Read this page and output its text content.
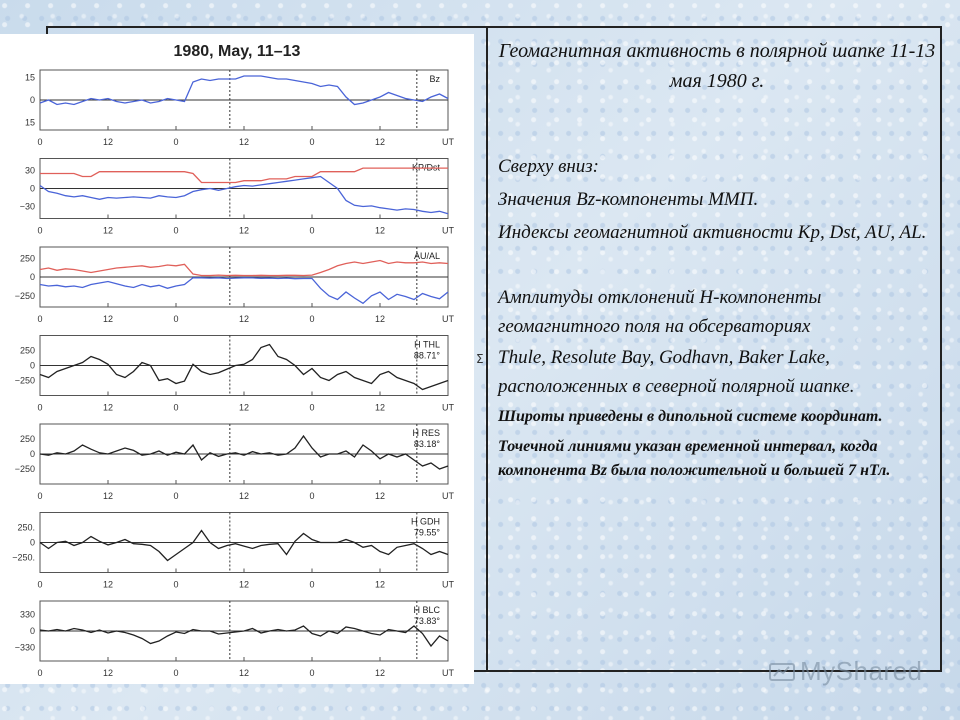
1980, May, 11–13
0	12	0	12	0	12	UT
15
0
15
Bz
0	12	0	12	0	12	UT
30
0
−30
KP/Dst
0	12	0	12	0	12	UT
250
0
−250
AU/AL
0	12	0	12	0	12	UT
250
0
−250
H THL
88.71°
0	12	0	12	0	12	UT
250
0
−250
H RES
83.18°
0	12	0	12	0	12	UT
250.
0
−250.
H GDH
79.55°
0	12	0	12	0	12	UT
330
0
−330
H BLC
73.83°
Σ

Геомагнитная активность в полярной шапке 11-13 мая 1980 г.

Сверху вниз:

Значения Bz-компоненты ММП.

Индексы геомагнитной активности Kp, Dst, AU, AL.

Амплитуды отклонений H-компоненты геомагнитного поля на обсерваториях

Thule, Resolute Bay, Godhavn, Baker Lake, расположенных в северной полярной шапке.

Широты приведены в дипольной системе координат.

Точечной линиями указан временной интервал, когда компонента Bz была положительной и большей 7 нТл.

MyShared
